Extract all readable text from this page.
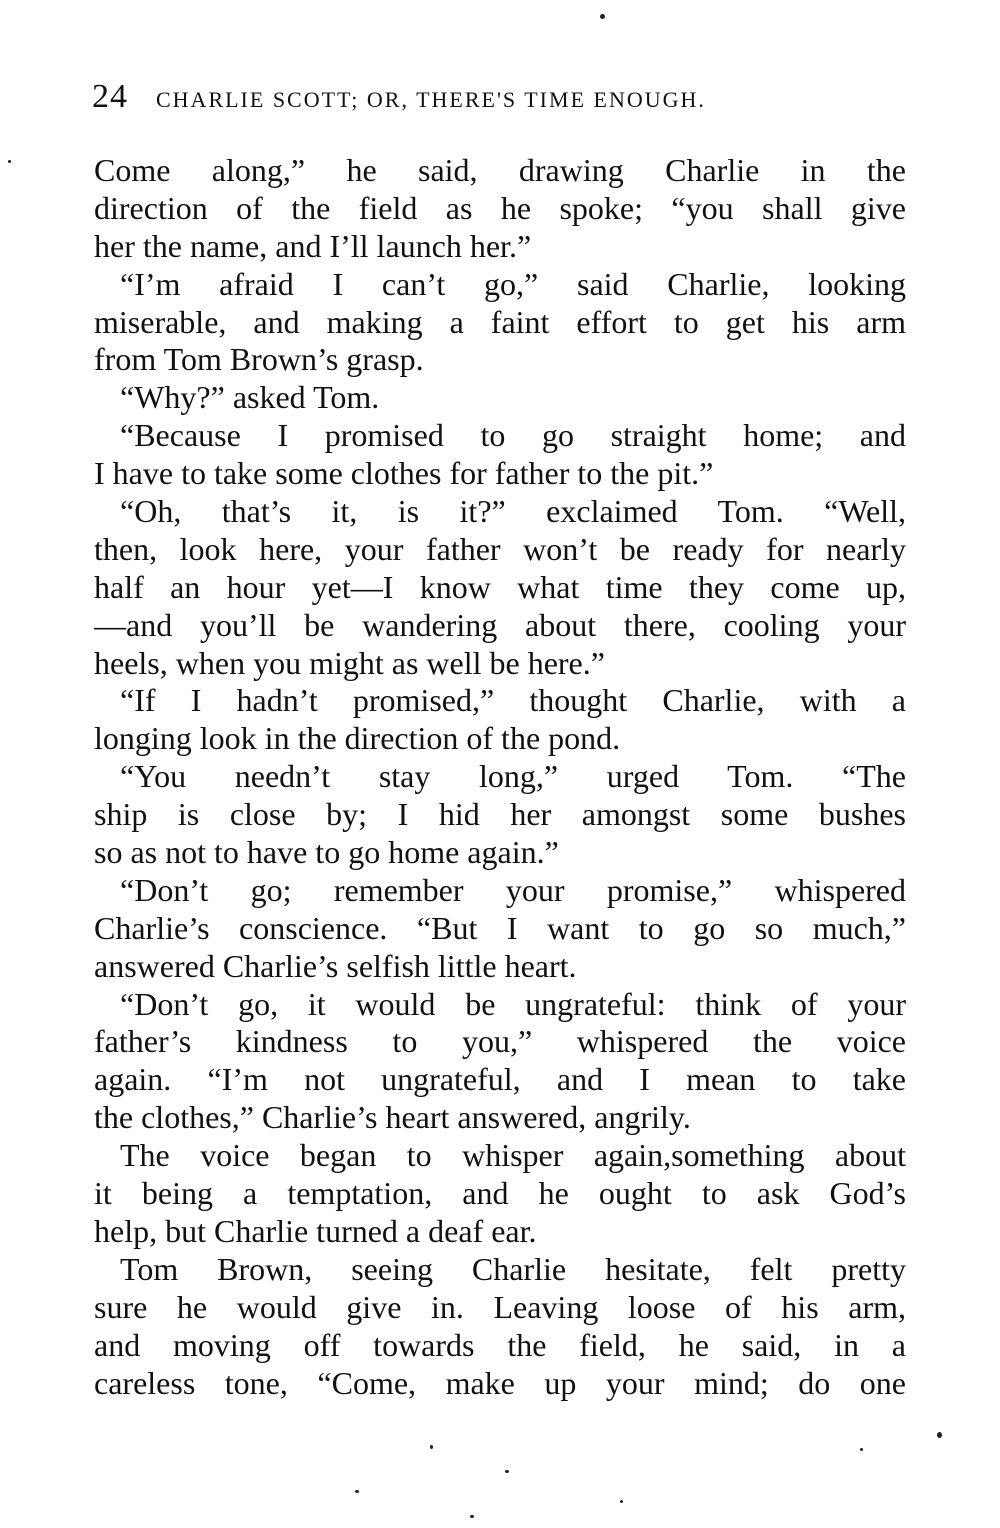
24 CHARLIE SCOTT; OR, THERE'S TIME ENOUGH.
Come along,” he said, drawing Charlie in the
direction of the field as he spoke; “you shall give
her the name, and I’ll launch her.”
“I’m afraid I can’t go,” said Charlie, looking
miserable, and making a faint effort to get his arm
from Tom Brown’s grasp.
“Why?” asked Tom.
“Because I promised to go straight home; and
I have to take some clothes for father to the pit.”
“Oh, that’s it, is it?” exclaimed Tom. “Well,
then, look here, your father won’t be ready for nearly
half an hour yet—I know what time they come up,
—and you’ll be wandering about there, cooling your
heels, when you might as well be here.”
“If I hadn’t promised,” thought Charlie, with a
longing look in the direction of the pond.
“You needn’t stay long,” urged Tom. “The
ship is close by; I hid her amongst some bushes
so as not to have to go home again.”
“Don’t go; remember your promise,” whispered
Charlie’s conscience. “But I want to go so much,”
answered Charlie’s selfish little heart.
“Don’t go, it would be ungrateful: think of your
father’s kindness to you,” whispered the voice
again. “I’m not ungrateful, and I mean to take
the clothes,” Charlie’s heart answered, angrily.
The voice began to whisper again,something about
it being a temptation, and he ought to ask God’s
help, but Charlie turned a deaf ear.
Tom Brown, seeing Charlie hesitate, felt pretty
sure he would give in. Leaving loose of his arm,
and moving off towards the field, he said, in a
careless tone, “Come, make up your mind; do one
